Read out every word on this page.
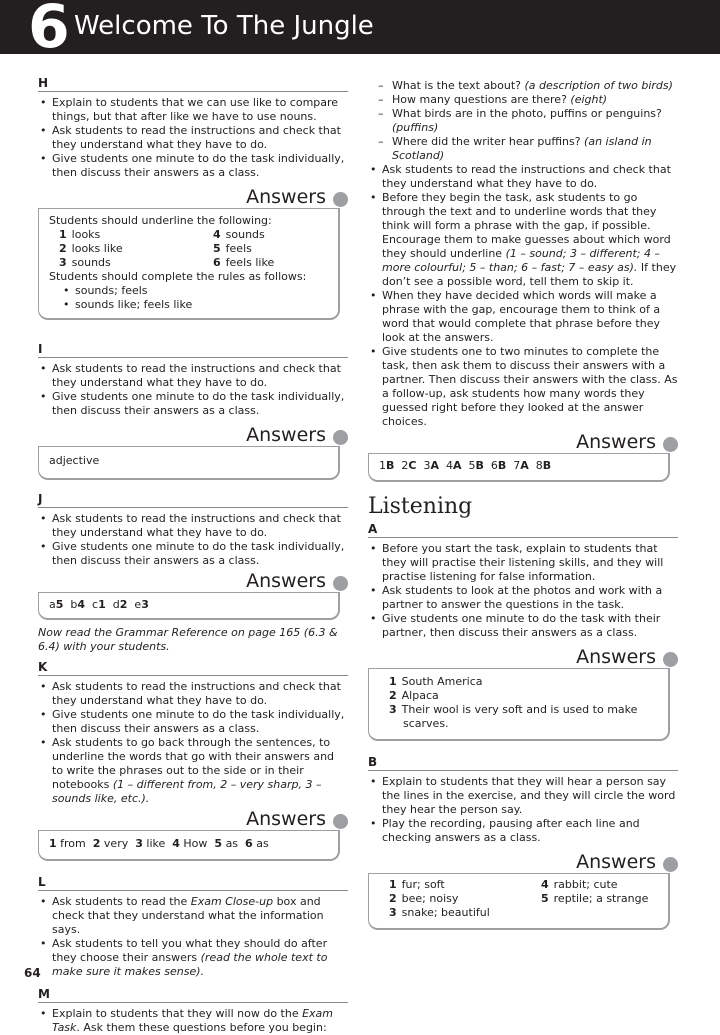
6 Welcome To The Jungle
H
• Explain to students that we can use like to compare things, but that after like we have to use nouns.
• Ask students to read the instructions and check that they understand what they have to do.
• Give students one minute to do the task individually, then discuss their answers as a class.
Answers
Students should underline the following:
1 looks	4 sounds
2 looks like	5 feels
3 sounds	6 feels like
Students should complete the rules as follows:
• sounds; feels
• sounds like; feels like
I
• Ask students to read the instructions and check that they understand what they have to do.
• Give students one minute to do the task individually, then discuss their answers as a class.
Answers
adjective
J
• Ask students to read the instructions and check that they understand what they have to do.
• Give students one minute to do the task individually, then discuss their answers as a class.
Answers
a5 b4 c1 d2 e3
Now read the Grammar Reference on page 165 (6.3 & 6.4) with your students.
K
• Ask students to read the instructions and check that they understand what they have to do.
• Give students one minute to do the task individually, then discuss their answers as a class.
• Ask students to go back through the sentences, to underline the words that go with their answers and to write the phrases out to the side or in their notebooks (1 – different from, 2 – very sharp, 3 – sounds like, etc.).
Answers
1 from 2 very 3 like 4 How 5 as 6 as
L
• Ask students to read the Exam Close-up box and check that they understand what the information says.
• Ask students to tell you what they should do after they choose their answers (read the whole text to make sure it makes sense).
M
• Explain to students that they will now do the Exam Task. Ask them these questions before you begin:
– What is the text about? (a description of two birds)
– How many questions are there? (eight)
– What birds are in the photo, puffins or penguins? (puffins)
– Where did the writer hear puffins? (an island in Scotland)
• Ask students to read the instructions and check that they understand what they have to do.
• Before they begin the task, ask students to go through the text and to underline words that they think will form a phrase with the gap, if possible. Encourage them to make guesses about which word they should underline (1 – sound; 3 – different; 4 – more colourful; 5 – than; 6 – fast; 7 – easy as). If they don’t see a possible word, tell them to skip it.
• When they have decided which words will make a phrase with the gap, encourage them to think of a word that would complete that phrase before they look at the answers.
• Give students one to two minutes to complete the task, then ask them to discuss their answers with a partner. Then discuss their answers with the class. As a follow-up, ask students how many words they guessed right before they looked at the answer choices.
Answers
1B 2C 3A 4A 5B 6B 7A 8B
Listening
A
• Before you start the task, explain to students that they will practise their listening skills, and they will practise listening for false information.
• Ask students to look at the photos and work with a partner to answer the questions in the task.
• Give students one minute to do the task with their partner, then discuss their answers as a class.
Answers
1 South America
2 Alpaca
3 Their wool is very soft and is used to make scarves.
B
• Explain to students that they will hear a person say the lines in the exercise, and they will circle the word they hear the person say.
• Play the recording, pausing after each line and checking answers as a class.
Answers
1 fur; soft	4 rabbit; cute
2 bee; noisy	5 reptile; a strange
3 snake; beautiful
64
